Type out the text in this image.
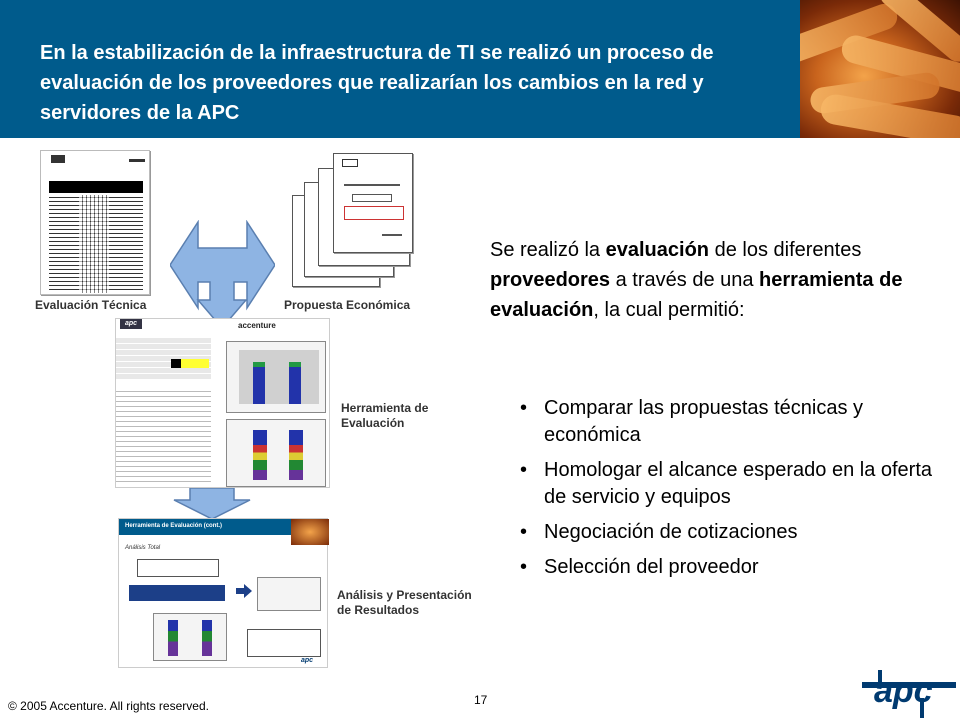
En la estabilización de la infraestructura de TI se realizó un proceso de evaluación de los proveedores que realizarían los cambios en la red y servidores de la APC
Evaluación Técnica	Propuesta Económica
apc	accenture
Herramienta de Evaluación
Herramienta de Evaluación (cont.)
Análisis Total
apc
Análisis y Presentación de Resultados
Se realizó la evaluación de los diferentes proveedores a través de una herramienta de evaluación, la cual permitió:
• Comparar las propuestas técnicas y económica
• Homologar el alcance esperado en la oferta de servicio y equipos
• Negociación de cotizaciones
• Selección del proveedor
© 2005 Accenture. All rights reserved.	17	apc
